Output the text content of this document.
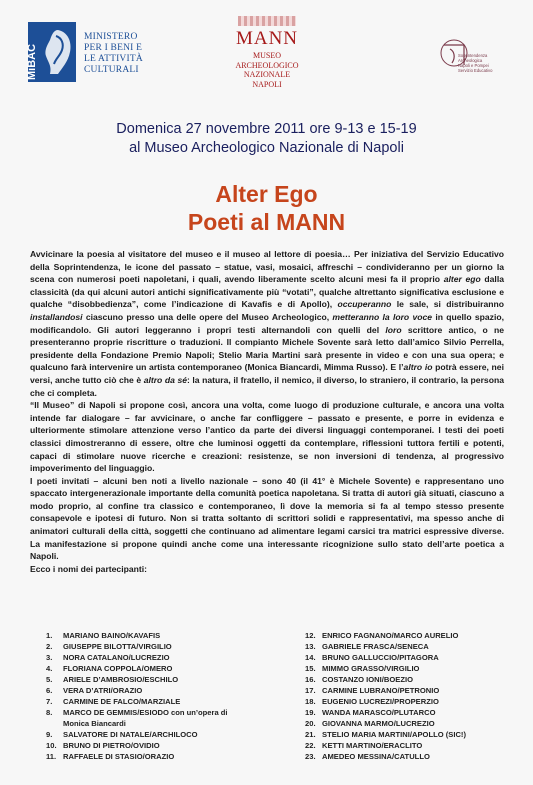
MiBAC
MINISTERO
PER I BENI E
LE ATTIVITÀ
CULTURALI
MANN
MUSEO
ARCHEOLOGICO
NAZIONALE
NAPOLI
Soprintendenza
Archeologica
Napoli e Pompei
Servizio Educativo
Domenica 27 novembre 2011 ore 9-13 e 15-19
al Museo Archeologico Nazionale di Napoli
Alter Ego
Poeti al MANN

Avvicinare la poesia al visitatore del museo e il museo al lettore di poesia… Per iniziativa del Servizio Educativo della Soprintendenza, le icone del passato – statue, vasi, mosaici, affreschi – condivideranno per un giorno la scena con numerosi poeti napoletani, i quali, avendo liberamente scelto alcuni mesi fa il proprio alter ego dalla classicità (da qui alcuni autori antichi significativamente più “votati”, qualche altrettanto significativa esclusione e qualche “disobbedienza”, come l’indicazione di Kavafis e di Apollo), occuperanno le sale, si distribuiranno installandosi ciascuno presso una delle opere del Museo Archeologico, metteranno la loro voce in quello spazio, modificandolo. Gli autori leggeranno i propri testi alternandoli con quelli del loro scrittore antico, o ne presenteranno proprie riscritture o traduzioni. Il compianto Michele Sovente sarà letto dall’amico Silvio Perrella, presidente della Fondazione Premio Napoli; Stelio Maria Martini sarà presente in video e con una sua opera; e qualcuno farà intervenire un artista contemporaneo (Monica Biancardi, Mimma Russo). E l’altro io potrà essere, nei versi, anche tutto ciò che è altro da sé: la natura, il fratello, il nemico, il diverso, lo straniero, il contrario, la persona che ci completa.

“Il Museo” di Napoli si propone così, ancora una volta, come luogo di produzione culturale, e ancora una volta intende far dialogare – far avvicinare, o anche far confliggere – passato e presente, e porre in evidenza e ulteriormente stimolare attenzione verso l’antico da parte dei diversi linguaggi contemporanei. I testi dei poeti classici dimostreranno di essere, oltre che luminosi oggetti da contemplare, riflessioni tuttora fertili e potenti, capaci di stimolare nuove ricerche e creazioni: resistenze, se non inversioni di tendenza, al progressivo impoverimento del linguaggio.

I poeti invitati – alcuni ben noti a livello nazionale – sono 40 (il 41° è Michele Sovente) e rappresentano uno spaccato intergenerazionale importante della comunità poetica napoletana. Si tratta di autori già situati, ciascuno a modo proprio, al confine tra classico e contemporaneo, lì dove la memoria si fa al tempo stesso presente consapevole e ipotesi di futuro. Non si tratta soltanto di scrittori solidi e rappresentativi, ma spesso anche di animatori culturali della città, soggetti che continuano ad alimentare legami carsici tra matrici espressive diverse. La manifestazione si propone quindi anche come una interessante ricognizione sullo stato dell’arte poetica a Napoli.

Ecco i nomi dei partecipanti:

1.	MARIANO BAINO/KAVAFIS
2.	GIUSEPPE BILOTTA/VIRGILIO
3.	NORA CATALANO/LUCREZIO
4.	FLORIANA COPPOLA/OMERO
5.	ARIELE D’AMBROSIO/ESCHILO
6.	VERA D’ATRI/ORAZIO
7.	CARMINE DE FALCO/MARZIALE
8.	MARCO DE GEMMIS/ESIODO con un’opera di
Monica Biancardi
9.	SALVATORE DI NATALE/ARCHILOCO
10. BRUNO DI PIETRO/OVIDIO
11. RAFFAELE DI STASIO/ORAZIO
12. ENRICO FAGNANO/MARCO AURELIO
13. GABRIELE FRASCA/SENECA
14. BRUNO GALLUCCIO/PITAGORA
15. MIMMO GRASSO/VIRGILIO
16. COSTANZO IONI/BOEZIO
17. CARMINE LUBRANO/PETRONIO
18. EUGENIO LUCREZI/PROPERZIO
19. WANDA MARASCO/PLUTARCO
20. GIOVANNA MARMO/LUCREZIO
21. STELIO MARIA MARTINI/APOLLO (SIC!)
22. KETTI MARTINO/ERACLITO
23. AMEDEO MESSINA/CATULLO
